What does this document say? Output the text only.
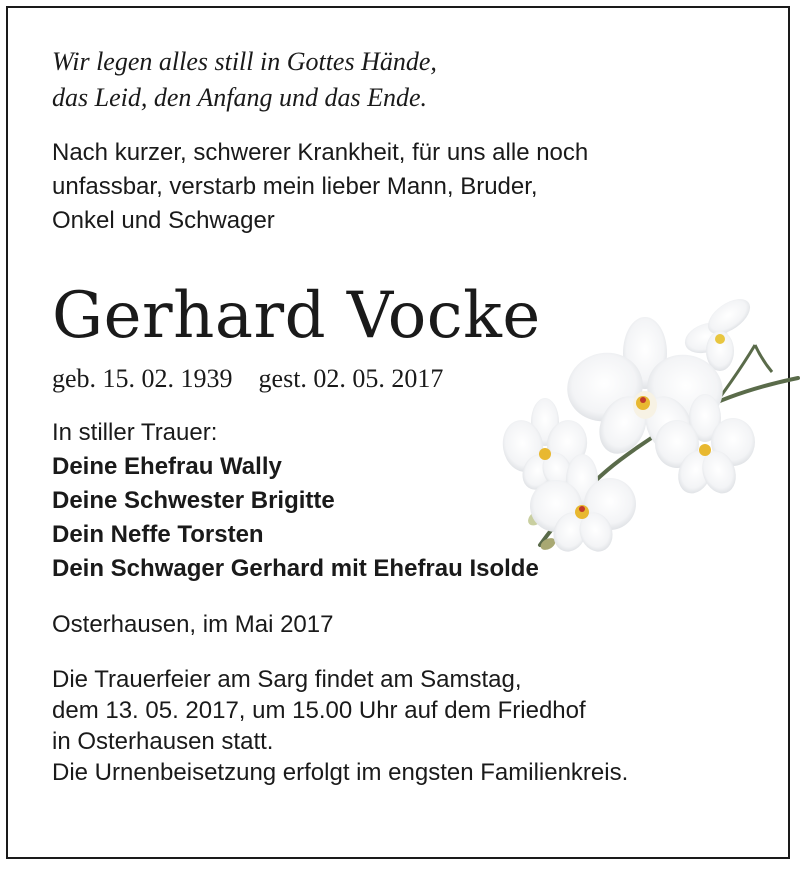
Wir legen alles still in Gottes Hände,
das Leid, den Anfang und das Ende.
Nach kurzer, schwerer Krankheit, für uns alle noch
unfassbar, verstarb mein lieber Mann, Bruder,
Onkel und Schwager
Gerhard Vocke
geb. 15. 02. 1939 gest. 02. 05. 2017
In stiller Trauer:
Deine Ehefrau Wally
Deine Schwester Brigitte
Dein Neffe Torsten
Dein Schwager Gerhard mit Ehefrau Isolde
Osterhausen, im Mai 2017
Die Trauerfeier am Sarg findet am Samstag,
dem 13. 05. 2017, um 15.00 Uhr auf dem Friedhof
in Osterhausen statt.
Die Urnenbeisetzung erfolgt im engsten Familienkreis.
